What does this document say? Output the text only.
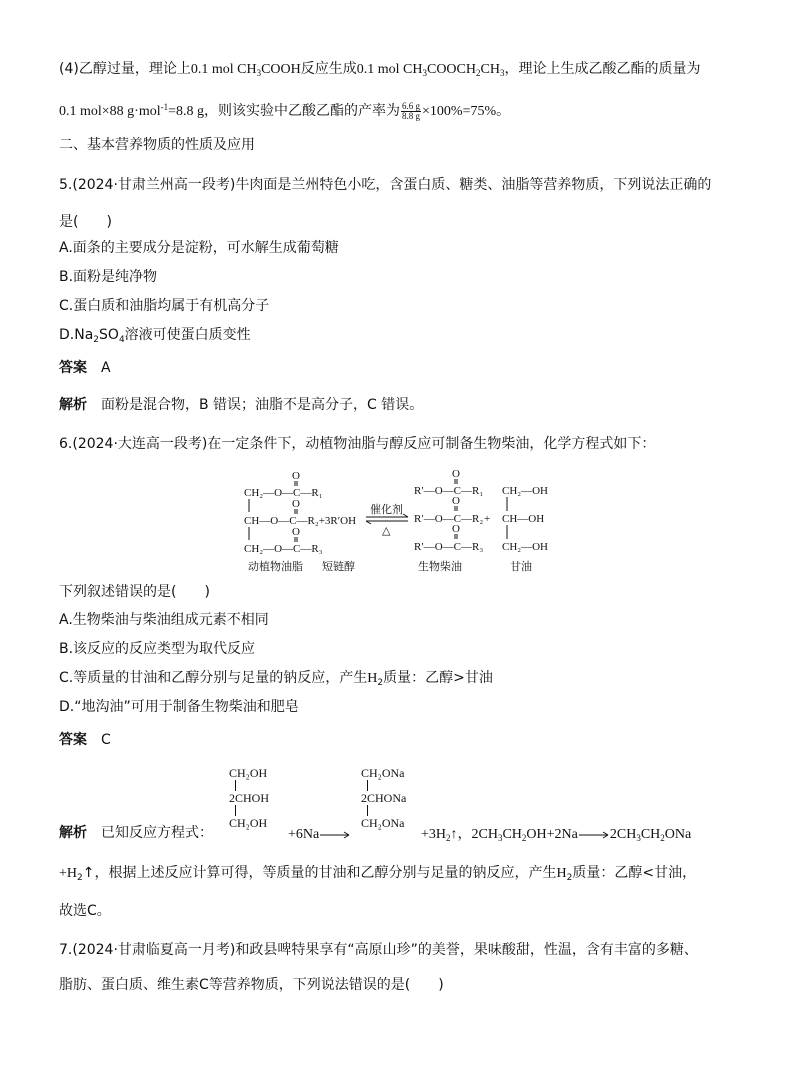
(4)乙醇过量，理论上0.1 mol $CH_3COOH$反应生成0.1 mol $CH_3COOCH_2CH_3$，理论上生成乙酸乙酯的质量为
0.1 mol×88 g·mol$^{-1}$=8.8 g，则该实验中乙酸乙酯的产率为 $\frac{6.6 g}{8.8 g} \times 100\%=75\%$。
二、基本营养物质的性质及应用
5.(2024·甘肃兰州高一段考)牛肉面是兰州特色小吃，含蛋白质、糖类、油脂等营养物质，下列说法正确的
是(　　)
A.面条的主要成分是淀粉，可水解生成葡萄糖
B.面粉是纯净物
C.蛋白质和油脂均属于有机高分子
$D.Na_2SO_4$溶液可使蛋白质变性
答案 A
解析 面粉是混合物，B 错误；油脂不是高分子，C 错误。
6.(2024·大连高一段考)在一定条件下，动植物油脂与醇反应可制备生物柴油，化学方程式如下：
O
CH₂—O—C—R₁
O
CH—O—C—R₂+3R′OH
O
CH₂—O—C—R₃
催化剂
△
O
R′—O—C—R₁
O
R′—O—C—R₂
O
R′—O—C—R₃
+
CH₂—OH
CH—OH
CH₂—OH
动植物油脂 短链醇	生物柴油	甘油
下列叙述错误的是(　　)
A.生物柴油与柴油组成元素不相同
B.该反应的反应类型为取代反应
C.等质量的甘油和乙醇分别与足量的钠反应，产生$H_2$质量：乙醇>甘油
D.“地沟油”可用于制备生物柴油和肥皂
答案 C
CH₂OH
2CHOH
CH₂OH
CH₂ONa
2CHONa
CH₂ONa
解析 已知反应方程式：	+6Na→	$+3H_2↑$，$2CH_3CH_2OH+2Na\to 2CH_3CH_2ONa$
$+H_2↑$，根据上述反应计算可得，等质量的甘油和乙醇分别与足量的钠反应，产生$H_2$质量：乙醇<甘油，
故选C。
7.(2024·甘肃临夏高一月考)和政县啤特果享有“高原山珍”的美誉，果味酸甜，性温，含有丰富的多糖、
脂肪、蛋白质、维生素C等营养物质，下列说法错误的是(　　)
